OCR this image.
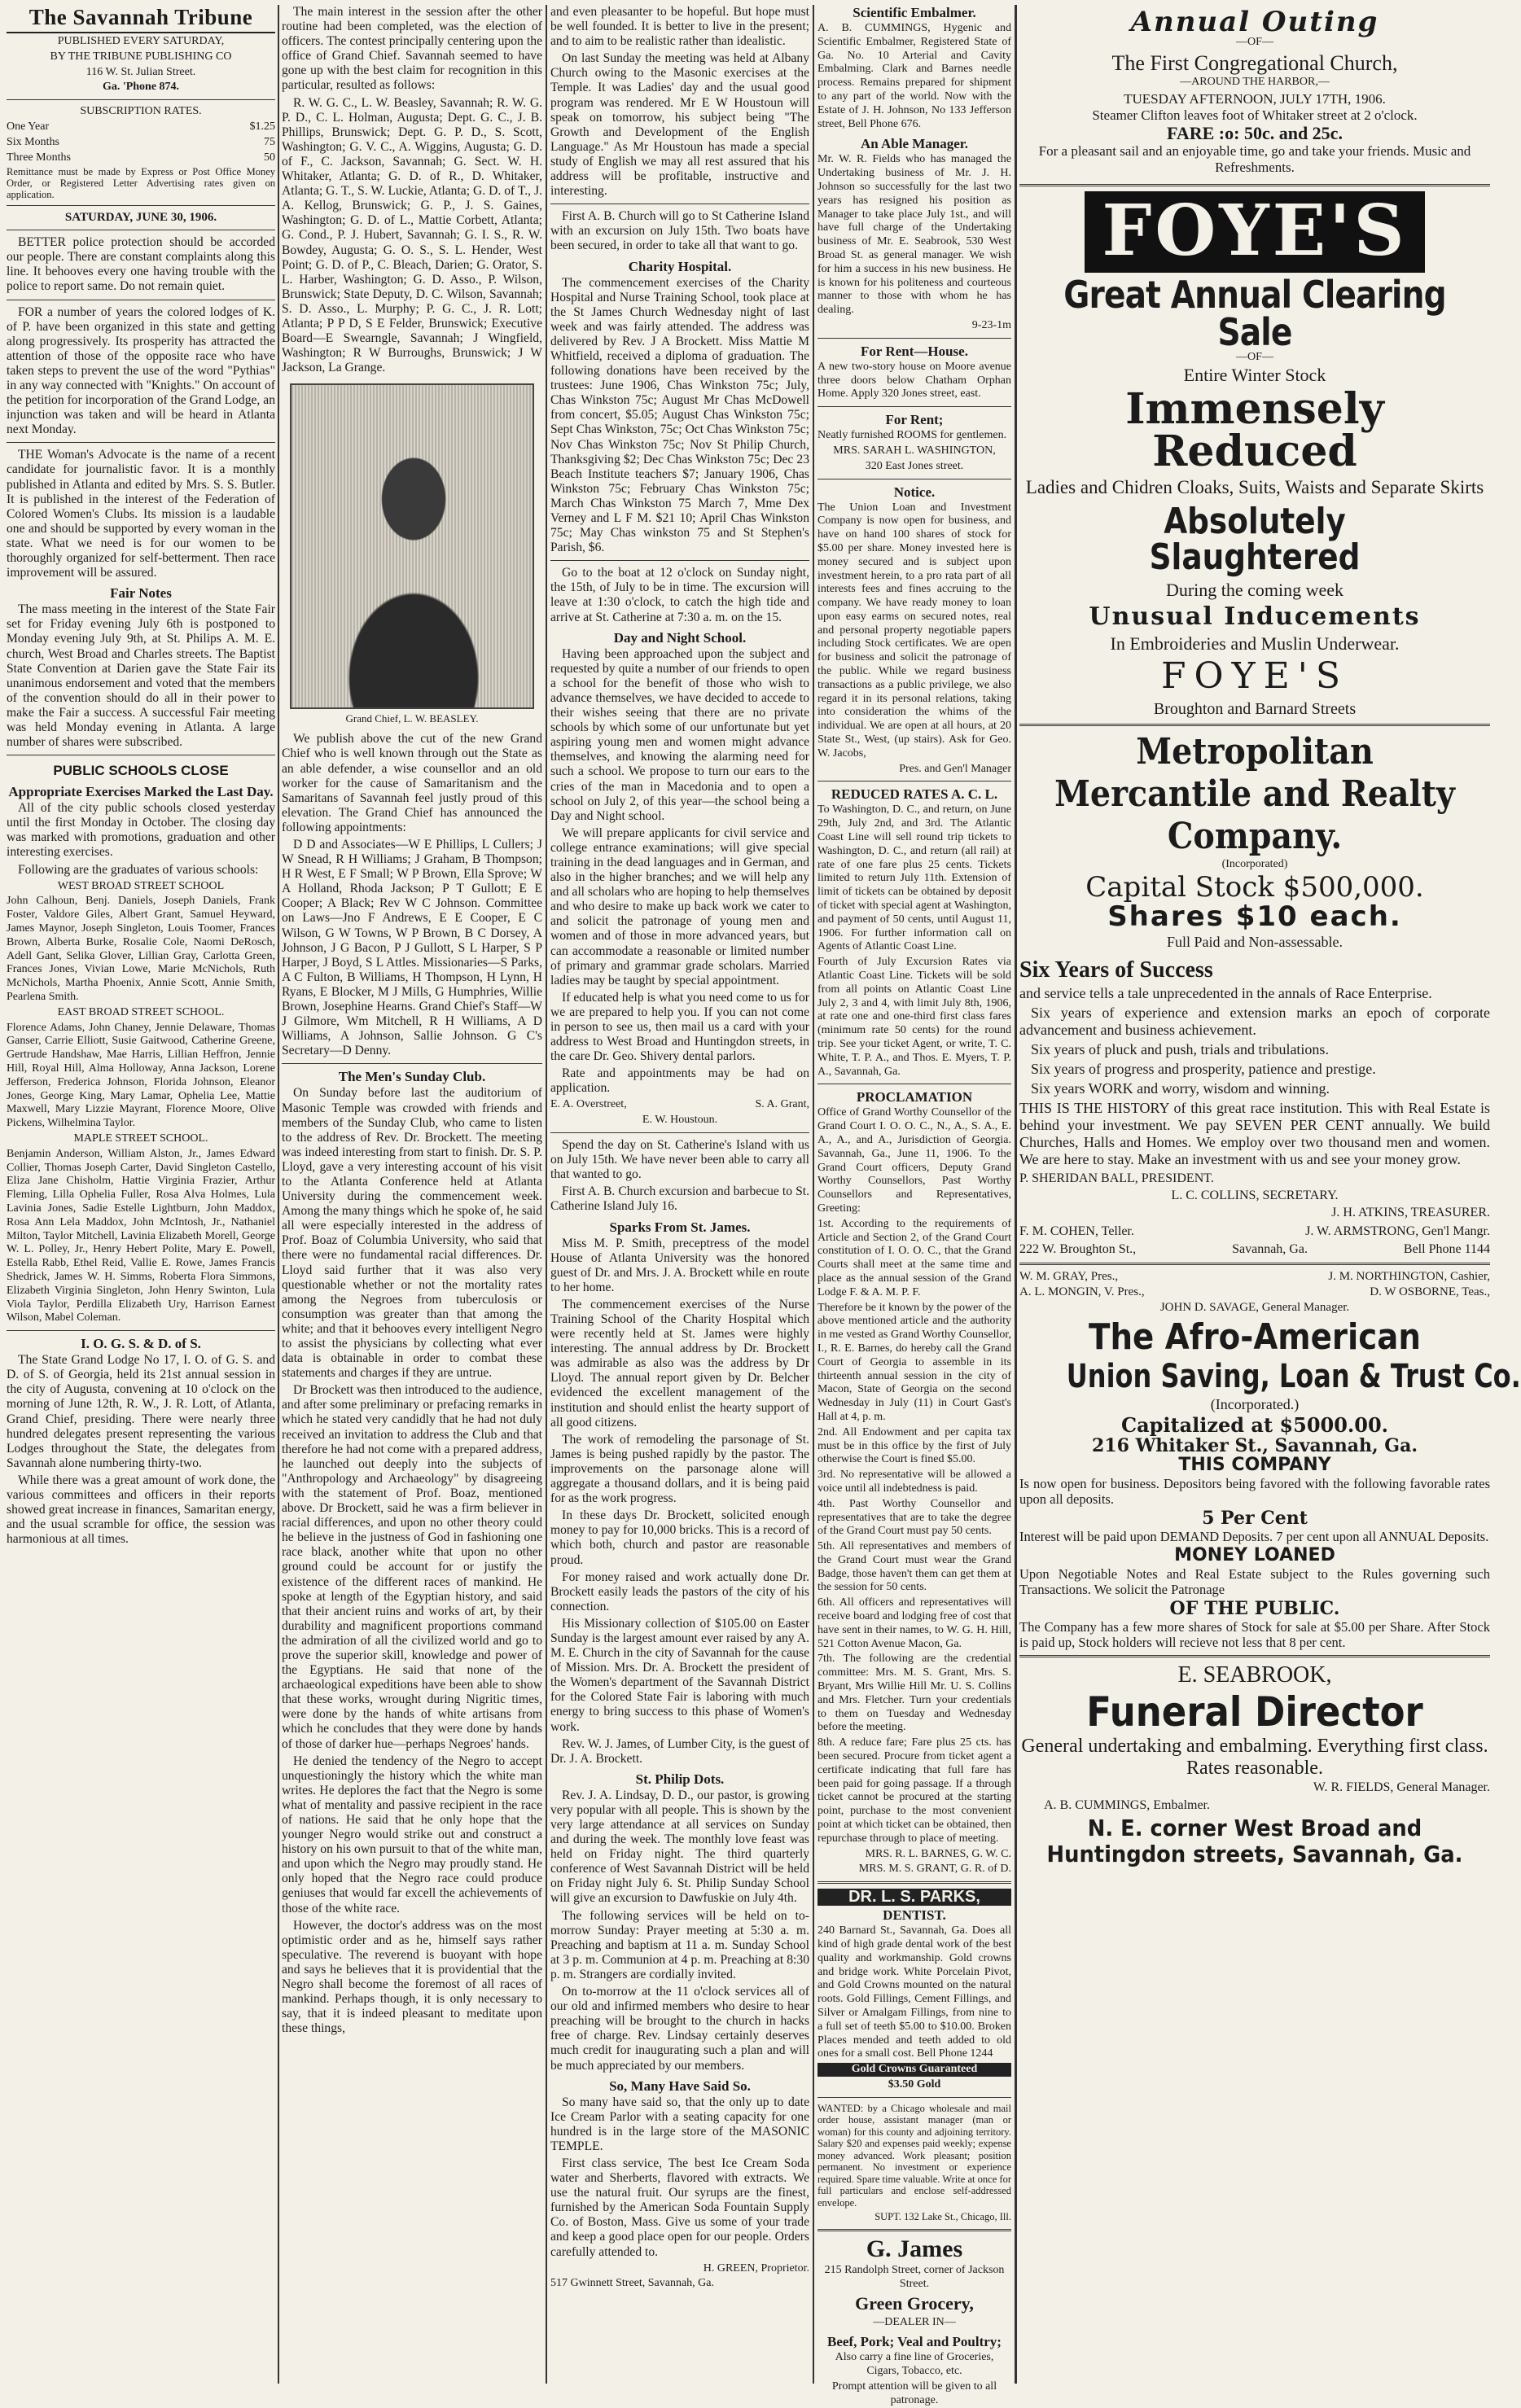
The Savannah Tribune
PUBLISHED EVERY SATURDAY,
BY THE TRIBUNE PUBLISHING CO
116 W. St. Julian Street.
Ga. 'Phone 874.
SUBSCRIPTION RATES.
One Year	$1.25
Six Months	75
Three Months	50
Remittance must be made by Express or Post Office Money Order, or Registered Letter Advertising rates given on application.
SATURDAY, JUNE 30, 1906.

BETTER police protection should be accorded our people. There are constant complaints along this line. It behooves every one having trouble with the police to report same. Do not remain quiet.

FOR a number of years the colored lodges of K. of P. have been organized in this state and getting along progressively. Its prosperity has attracted the attention of those of the opposite race who have taken steps to prevent the use of the word "Pythias" in any way connected with "Knights." On account of the petition for incorporation of the Grand Lodge, an injunction was taken and will be heard in Atlanta next Monday.

THE Woman's Advocate is the name of a recent candidate for journalistic favor. It is a monthly published in Atlanta and edited by Mrs. S. S. Butler. It is published in the interest of the Federation of Colored Women's Clubs. Its mission is a laudable one and should be supported by every woman in the state. What we need is for our women to be thoroughly organized for self-betterment. Then race improvement will be assured.

Fair Notes

The mass meeting in the interest of the State Fair set for Friday evening July 6th is postponed to Monday evening July 9th, at St. Philips A. M. E. church, West Broad and Charles streets. The Baptist State Convention at Darien gave the State Fair its unanimous endorsement and voted that the members of the convention should do all in their power to make the Fair a success. A successful Fair meeting was held Monday evening in Atlanta. A large number of shares were subscribed.

PUBLIC SCHOOLS CLOSE
Appropriate Exercises Marked the Last Day.

All of the city public schools closed yesterday until the first Monday in October. The closing day was marked with promotions, graduation and other interesting exercises.

Following are the graduates of various schools:

WEST BROAD STREET SCHOOL

John Calhoun, Benj. Daniels, Joseph Daniels, Frank Foster, Valdore Giles, Albert Grant, Samuel Heyward, James Maynor, Joseph Singleton, Louis Toomer, Frances Brown, Alberta Burke, Rosalie Cole, Naomi DeRosch, Adell Gant, Selika Glover, Lillian Gray, Carlotta Green, Frances Jones, Vivian Lowe, Marie McNichols, Ruth McNichols, Martha Phoenix, Annie Scott, Annie Smith, Pearlena Smith.

EAST BROAD STREET SCHOOL.

Florence Adams, John Chaney, Jennie Delaware, Thomas Ganser, Carrie Elliott, Susie Gaitwood, Catherine Greene, Gertrude Handshaw, Mae Harris, Lillian Heffron, Jennie Hill, Royal Hill, Alma Holloway, Anna Jackson, Lorene Jefferson, Frederica Johnson, Florida Johnson, Eleanor Jones, George King, Mary Lamar, Ophelia Lee, Mattie Maxwell, Mary Lizzie Mayrant, Florence Moore, Olive Pickens, Wilhelmina Taylor.

MAPLE STREET SCHOOL.

Benjamin Anderson, William Alston, Jr., James Edward Collier, Thomas Joseph Carter, David Singleton Castello, Eliza Jane Chisholm, Hattie Virginia Frazier, Arthur Fleming, Lilla Ophelia Fuller, Rosa Alva Holmes, Lula Lavinia Jones, Sadie Estelle Lightburn, John Maddox, Rosa Ann Lela Maddox, John McIntosh, Jr., Nathaniel Milton, Taylor Mitchell, Lavinia Elizabeth Morell, George W. L. Polley, Jr., Henry Hebert Polite, Mary E. Powell, Estella Rabb, Ethel Reid, Vallie E. Rowe, James Francis Shedrick, James W. H. Simms, Roberta Flora Simmons, Elizabeth Virginia Singleton, John Henry Swinton, Lula Viola Taylor, Perdilla Elizabeth Ury, Harrison Earnest Wilson, Mabel Coleman.

I. O. G. S. & D. of S.

The State Grand Lodge No 17, I. O. of G. S. and D. of S. of Georgia, held its 21st annual session in the city of Augusta, convening at 10 o'clock on the morning of June 12th, R. W., J. R. Lott, of Atlanta, Grand Chief, presiding. There were nearly three hundred delegates present representing the various Lodges throughout the State, the delegates from Savannah alone numbering thirty-two.

While there was a great amount of work done, the various committees and officers in their reports showed great increase in finances, Samaritan energy, and the usual scramble for office, the session was harmonious at all times.

The main interest in the session after the other routine had been completed, was the election of officers. The contest principally centering upon the office of Grand Chief. Savannah seemed to have gone up with the best claim for recognition in this particular, resulted as follows:

R. W. G. C., L. W. Beasley, Savannah; R. W. G. P. D., C. L. Holman, Augusta; Dept. G. C., J. B. Phillips, Brunswick; Dept. G. P. D., S. Scott, Washington; G. V. C., A. Wiggins, Augusta; G. D. of F., C. Jackson, Savannah; G. Sect. W. H. Whitaker, Atlanta; G. D. of R., D. Whitaker, Atlanta; G. T., S. W. Luckie, Atlanta; G. D. of T., J. A. Kellog, Brunswick; G. P., J. S. Gaines, Washington; G. D. of L., Mattie Corbett, Atlanta; G. Cond., P. J. Hubert, Savannah; G. I. S., R. W. Bowdey, Augusta; G. O. S., S. L. Hender, West Point; G. D. of P., C. Bleach, Darien; G. Orator, S. L. Harber, Washington; G. D. Asso., P. Wilson, Brunswick; State Deputy, D. C. Wilson, Savannah; S. D. Asso., L. Murphy; P. G. C., J. R. Lott; Atlanta; P P D, S E Felder, Brunswick; Executive Board—E Swearngle, Savannah; J Wingfield, Washington; R W Burroughs, Brunswick; J W Jackson, La Grange.

Grand Chief, L. W. BEASLEY.

We publish above the cut of the new Grand Chief who is well known through out the State as an able defender, a wise counsellor and an old worker for the cause of Samaritanism and the Samaritans of Savannah feel justly proud of this elevation. The Grand Chief has announced the following appointments:

D D and Associates—W E Phillips, L Cullers; J W Snead, R H Williams; J Graham, B Thompson; H R West, E F Small; W P Brown, Ella Sprove; W A Holland, Rhoda Jackson; P T Gullott; E E Cooper; A Black; Rev W C Johnson. Committee on Laws—Jno F Andrews, E E Cooper, E C Wilson, G W Towns, W P Brown, B C Dorsey, A Johnson, J G Bacon, P J Gullott, S L Harper, S P Harper, J Boyd, S L Attles. Missionaries—S Parks, A C Fulton, B Williams, H Thompson, H Lynn, H Ryans, E Blocker, M J Mills, G Humphries, Willie Brown, Josephine Hearns. Grand Chief's Staff—W J Gilmore, Wm Mitchell, R H Williams, A D Williams, A Johnson, Sallie Johnson. G C's Secretary—D Denny.

The Men's Sunday Club.

On Sunday before last the auditorium of Masonic Temple was crowded with friends and members of the Sunday Club, who came to listen to the address of Rev. Dr. Brockett. The meeting was indeed interesting from start to finish. Dr. S. P. Lloyd, gave a very interesting account of his visit to the Atlanta Conference held at Atlanta University during the commencement week. Among the many things which he spoke of, he said all were especially interested in the address of Prof. Boaz of Columbia University, who said that there were no fundamental racial differences. Dr. Lloyd said further that it was also very questionable whether or not the mortality rates among the Negroes from tuberculosis or consumption was greater than that among the white; and that it behooves every intelligent Negro to assist the physicians by collecting what ever data is obtainable in order to combat these statements and charges if they are untrue.

Dr Brockett was then introduced to the audience, and after some preliminary or prefacing remarks in which he stated very candidly that he had not duly received an invitation to address the Club and that therefore he had not come with a prepared address, he launched out deeply into the subjects of "Anthropology and Archaeology" by disagreeing with the statement of Prof. Boaz, mentioned above. Dr Brockett, said he was a firm believer in racial differences, and upon no other theory could he believe in the justness of God in fashioning one race black, another white that upon no other ground could be account for or justify the existence of the different races of mankind. He spoke at length of the Egyptian history, and said that their ancient ruins and works of art, by their durability and magnificent proportions command the admiration of all the civilized world and go to prove the superior skill, knowledge and power of the Egyptians. He said that none of the archaeological expeditions have been able to show that these works, wrought during Nigritic times, were done by the hands of white artisans from which he concludes that they were done by hands of those of darker hue—perhaps Negroes' hands.

He denied the tendency of the Negro to accept unquestioningly the history which the white man writes. He deplores the fact that the Negro is some what of mentality and passive recipient in the race of nations. He said that he only hope that the younger Negro would strike out and construct a history on his own pursuit to that of the white man, and upon which the Negro may proudly stand. He only hoped that the Negro race could produce geniuses that would far excell the achievements of those of the white race.

However, the doctor's address was on the most optimistic order and as he, himself says rather speculative. The reverend is buoyant with hope and says he believes that it is providential that the Negro shall become the foremost of all races of mankind. Perhaps though, it is only necessary to say, that it is indeed pleasant to meditate upon these things,

and even pleasanter to be hopeful. But hope must be well founded. It is better to live in the present; and to aim to be realistic rather than idealistic.

On last Sunday the meeting was held at Albany Church owing to the Masonic exercises at the Temple. It was Ladies' day and the usual good program was rendered. Mr E W Houstoun will speak on tomorrow, his subject being "The Growth and Development of the English Language." As Mr Houstoun has made a special study of English we may all rest assured that his address will be profitable, instructive and interesting.

First A. B. Church will go to St Catherine Island with an excursion on July 15th. Two boats have been secured, in order to take all that want to go.

Charity Hospital.

The commencement exercises of the Charity Hospital and Nurse Training School, took place at the St James Church Wednesday night of last week and was fairly attended. The address was delivered by Rev. J A Brockett. Miss Mattie M Whitfield, received a diploma of graduation. The following donations have been received by the trustees: June 1906, Chas Winkston 75c; July, Chas Winkston 75c; August Mr Chas McDowell from concert, $5.05; August Chas Winkston 75c; Sept Chas Winkston, 75c; Oct Chas Winkston 75c; Nov Chas Winkston 75c; Nov St Philip Church, Thanksgiving $2; Dec Chas Winkston 75c; Dec 23 Beach Institute teachers $7; January 1906, Chas Winkston 75c; February Chas Winkston 75c; March Chas Winkston 75 March 7, Mme Dex Verney and L F M. $21 10; April Chas Winkston 75c; May Chas winkston 75 and St Stephen's Parish, $6.

Go to the boat at 12 o'clock on Sunday night, the 15th, of July to be in time. The excursion will leave at 1:30 o'clock, to catch the high tide and arrive at St. Catherine at 7:30 a. m. on the 15.

Day and Night School.

Having been approached upon the subject and requested by quite a number of our friends to open a school for the benefit of those who wish to advance themselves, we have decided to accede to their wishes seeing that there are no private schools by which some of our unfortunate but yet aspiring young men and women might advance themselves, and knowing the alarming need for such a school. We propose to turn our ears to the cries of the man in Macedonia and to open a school on July 2, of this year—the school being a Day and Night school.

We will prepare applicants for civil service and college entrance examinations; will give special training in the dead languages and in German, and also in the higher branches; and we will help any and all scholars who are hoping to help themselves and who desire to make up back work we cater to and solicit the patronage of young men and women and of those in more advanced years, but can accommodate a reasonable or limited number of primary and grammar grade scholars. Married ladies may be taught by special appointment.

If educated help is what you need come to us for we are prepared to help you. If you can not come in person to see us, then mail us a card with your address to West Broad and Huntingdon streets, in the care Dr. Geo. Shivery dental parlors.

Rate and appointments may be had on application.

E. A. Overstreet,	S. A. Grant,
E. W. Houstoun.

Spend the day on St. Catherine's Island with us on July 15th. We have never been able to carry all that wanted to go.

First A. B. Church excursion and barbecue to St. Catherine Island July 16.

Sparks From St. James.

Miss M. P. Smith, preceptress of the model House of Atlanta University was the honored guest of Dr. and Mrs. J. A. Brockett while en route to her home.

The commencement exercises of the Nurse Training School of the Charity Hospital which were recently held at St. James were highly interesting. The annual address by Dr. Brockett was admirable as also was the address by Dr Lloyd. The annual report given by Dr. Belcher evidenced the excellent management of the institution and should enlist the hearty support of all good citizens.

The work of remodeling the parsonage of St. James is being pushed rapidly by the pastor. The improvements on the parsonage alone will aggregate a thousand dollars, and it is being paid for as the work progress.

In these days Dr. Brockett, solicited enough money to pay for 10,000 bricks. This is a record of which both, church and pastor are reasonable proud.

For money raised and work actually done Dr. Brockett easily leads the pastors of the city of his connection.

His Missionary collection of $105.00 on Easter Sunday is the largest amount ever raised by any A. M. E. Church in the city of Savannah for the cause of Mission. Mrs. Dr. A. Brockett the president of the Women's department of the Savannah District for the Colored State Fair is laboring with much energy to bring success to this phase of Women's work.

Rev. W. J. James, of Lumber City, is the guest of Dr. J. A. Brockett.

St. Philip Dots.

Rev. J. A. Lindsay, D. D., our pastor, is growing very popular with all people. This is shown by the very large attendance at all services on Sunday and during the week. The monthly love feast was held on Friday night. The third quarterly conference of West Savannah District will be held on Friday night July 6. St. Philip Sunday School will give an excursion to Dawfuskie on July 4th.

The following services will be held on to-morrow Sunday: Prayer meeting at 5:30 a. m. Preaching and baptism at 11 a. m. Sunday School at 3 p. m. Communion at 4 p. m. Preaching at 8:30 p. m. Strangers are cordially invited.

On to-morrow at the 11 o'clock services all of our old and infirmed members who desire to hear preaching will be brought to the church in hacks free of charge. Rev. Lindsay certainly deserves much credit for inaugurating such a plan and will be much appreciated by our members.

So, Many Have Said So.

So many have said so, that the only up to date Ice Cream Parlor with a seating capacity for one hundred is in the large store of the MASONIC TEMPLE.

First class service, The best Ice Cream Soda water and Sherberts, flavored with extracts. We use the natural fruit. Our syrups are the finest, furnished by the American Soda Fountain Supply Co. of Boston, Mass. Give us some of your trade and keep a good place open for our people. Orders carefully attended to.

H. GREEN, Proprietor.
517 Gwinnett Street, Savannah, Ga.
Scientific Embalmer.

A. B. CUMMINGS, Hygenic and Scientific Embalmer, Registered State of Ga. No. 10 Arterial and Cavity Embalming. Clark and Barnes needle process. Remains prepared for shipment to any part of the world. Now with the Estate of J. H. Johnson, No 133 Jefferson street, Bell Phone 676.

An Able Manager.

Mr. W. R. Fields who has managed the Undertaking business of Mr. J. H. Johnson so successfully for the last two years has resigned his position as Manager to take place July 1st., and will have full charge of the Undertaking business of Mr. E. Seabrook, 530 West Broad St. as general manager. We wish for him a success in his new business. He is known for his politeness and courteous manner to those with whom he has dealing.

9-23-1m
For Rent—House.

A new two-story house on Moore avenue three doors below Chatham Orphan Home. Apply 320 Jones street, east.

For Rent;

Neatly furnished ROOMS for gentlemen.

MRS. SARAH L. WASHINGTON,
320 East Jones street.
Notice.

The Union Loan and Investment Company is now open for business, and have on hand 100 shares of stock for $5.00 per share. Money invested here is money secured and is subject upon investment herein, to a pro rata part of all interests fees and fines accruing to the company. We have ready money to loan upon easy earms on secured notes, real and personal property negotiable papers including Stock certificates. We are open for business and solicit the patronage of the public. While we regard business transactions as a public privilege, we also regard it in its personal relations, taking into consideration the whims of the individual. We are open at all hours, at 20 State St., West, (up stairs). Ask for Geo. W. Jacobs,

Pres. and Gen'l Manager
REDUCED RATES A. C. L.

To Washington, D. C., and return, on June 29th, July 2nd, and 3rd. The Atlantic Coast Line will sell round trip tickets to Washington, D. C., and return (all rail) at rate of one fare plus 25 cents. Tickets limited to return July 11th. Extension of limit of tickets can be obtained by deposit of ticket with special agent at Washington, and payment of 50 cents, until August 11, 1906. For further information call on Agents of Atlantic Coast Line.

Fourth of July Excursion Rates via Atlantic Coast Line. Tickets will be sold from all points on Atlantic Coast Line July 2, 3 and 4, with limit July 8th, 1906, at rate one and one-third first class fares (minimum rate 50 cents) for the round trip. See your ticket Agent, or write, T. C. White, T. P. A., and Thos. E. Myers, T. P. A., Savannah, Ga.

PROCLAMATION

Office of Grand Worthy Counsellor of the Grand Court I. O. O. C., N., A., S. A., E. A., A., and A., Jurisdiction of Georgia. Savannah, Ga., June 11, 1906. To the Grand Court officers, Deputy Grand Worthy Counsellors, Past Worthy Counsellors and Representatives, Greeting:

1st. According to the requirements of Article and Section 2, of the Grand Court constitution of I. O. O. C., that the Grand Courts shall meet at the same time and place as the annual session of the Grand Lodge F. & A. M. P. F.

Therefore be it known by the power of the above mentioned article and the authority in me vested as Grand Worthy Counsellor, I., R. E. Barnes, do hereby call the Grand Court of Georgia to assemble in its thirteenth annual session in the city of Macon, State of Georgia on the second Wednesday in July (11) in Court Gast's Hall at 4, p. m.

2nd. All Endowment and per capita tax must be in this office by the first of July otherwise the Court is fined $5.00.

3rd. No representative will be allowed a voice until all indebtedness is paid.

4th. Past Worthy Counsellor and representatives that are to take the degree of the Grand Court must pay 50 cents.

5th. All representatives and members of the Grand Court must wear the Grand Badge, those haven't them can get them at the session for 50 cents.

6th. All officers and representatives will receive board and lodging free of cost that have sent in their names, to W. G. H. Hill, 521 Cotton Avenue Macon, Ga.

7th. The following are the credential committee: Mrs. M. S. Grant, Mrs. S. Bryant, Mrs Willie Hill Mr. U. S. Collins and Mrs. Fletcher. Turn your credentials to them on Tuesday and Wednesday before the meeting.

8th. A reduce fare; Fare plus 25 cts. has been secured. Procure from ticket agent a certificate indicating that full fare has been paid for going passage. If a through ticket cannot be procured at the starting point, purchase to the most convenient point at which ticket can be obtained, then repurchase through to place of meeting.

MRS. R. L. BARNES, G. W. C.
MRS. M. S. GRANT, G. R. of D.
DR. L. S. PARKS,
DENTIST.

240 Barnard St., Savannah, Ga. Does all kind of high grade dental work of the best quality and workmanship. Gold crowns and bridge work. White Porcelain Pivot, and Gold Crowns mounted on the natural roots. Gold Fillings, Cement Fillings, and Silver or Amalgam Fillings, from nine to a full set of teeth $5.00 to $10.00. Broken Places mended and teeth added to old ones for a small cost. Bell Phone 1244

Gold Crowns Guaranteed
$3.50 Gold

WANTED: by a Chicago wholesale and mail order house, assistant manager (man or woman) for this county and adjoining territory. Salary $20 and expenses paid weekly; expense money advanced. Work pleasant; position permanent. No investment or experience required. Spare time valuable. Write at once for full particulars and enclose self-addressed envelope.

SUPT. 132 Lake St., Chicago, Ill.
G. James

215 Randolph Street, corner of Jackson Street.

Green Grocery,
—DEALER IN—
Beef, Pork; Veal and Poultry;

Also carry a fine line of Groceries, Cigars, Tobacco, etc.

Prompt attention will be given to all patronage.

Annual Outing
—OF—
The First Congregational Church,
—AROUND THE HARBOR,—
TUESDAY AFTERNOON, JULY 17TH, 1906.
Steamer Clifton leaves foot of Whitaker street at 2 o'clock.
FARE :o: 50c. and 25c.
For a pleasant sail and an enjoyable time, go and take your friends. Music and Refreshments.
FOYE'S
Great Annual Clearing Sale
—OF—
Entire Winter Stock
Immensely Reduced
Ladies and Chidren Cloaks, Suits, Waists and Separate Skirts
Absolutely Slaughtered
During the coming week
Unusual Inducements
In Embroideries and Muslin Underwear.
FOYE'S
Broughton and Barnard Streets
Metropolitan Mercantile and Realty Company.
(Incorporated)
Capital Stock $500,000.
Shares $10 each.
Full Paid and Non-assessable.
Six Years of Success

and service tells a tale unprecedented in the annals of Race Enterprise.

Six years of experience and extension marks an epoch of corporate advancement and business achievement.

Six years of pluck and push, trials and tribulations.

Six years of progress and prosperity, patience and prestige.

Six years WORK and worry, wisdom and winning.

THIS IS THE HISTORY of this great race institution. This with Real Estate is behind your investment. We pay SEVEN PER CENT annually. We build Churches, Halls and Homes. We employ over two thousand men and women. We are here to stay. Make an investment with us and see your money grow.

P. SHERIDAN BALL, PRESIDENT.
L. C. COLLINS, SECRETARY.
J. H. ATKINS, TREASURER.
F. M. COHEN, Teller.	J. W. ARMSTRONG, Gen'l Mangr.
222 W. Broughton St.,	Savannah, Ga.	Bell Phone 1144
W. M. GRAY, Pres.,	J. M. NORTHINGTON, Cashier,
A. L. MONGIN, V. Pres.,	D. W OSBORNE, Teas.,
JOHN D. SAVAGE, General Manager.
The Afro-American
Union Saving, Loan & Trust Co.
(Incorporated.)
Capitalized at $5000.00.
216 Whitaker St., Savannah, Ga.
THIS COMPANY

Is now open for business. Depositors being favored with the following favorable rates upon all deposits.

5 Per Cent

Interest will be paid upon DEMAND Deposits. 7 per cent upon all ANNUAL Deposits.

MONEY LOANED

Upon Negotiable Notes and Real Estate subject to the Rules governing such Transactions. We solicit the Patronage

OF THE PUBLIC.

The Company has a few more shares of Stock for sale at $5.00 per Share. After Stock is paid up, Stock holders will recieve not less that 8 per cent.

E. SEABROOK,
Funeral Director
General undertaking and embalming. Everything first class. Rates reasonable.
W. R. FIELDS, General Manager.
A. B. CUMMINGS, Embalmer.
N. E. corner West Broad and Huntingdon streets, Savannah, Ga.
